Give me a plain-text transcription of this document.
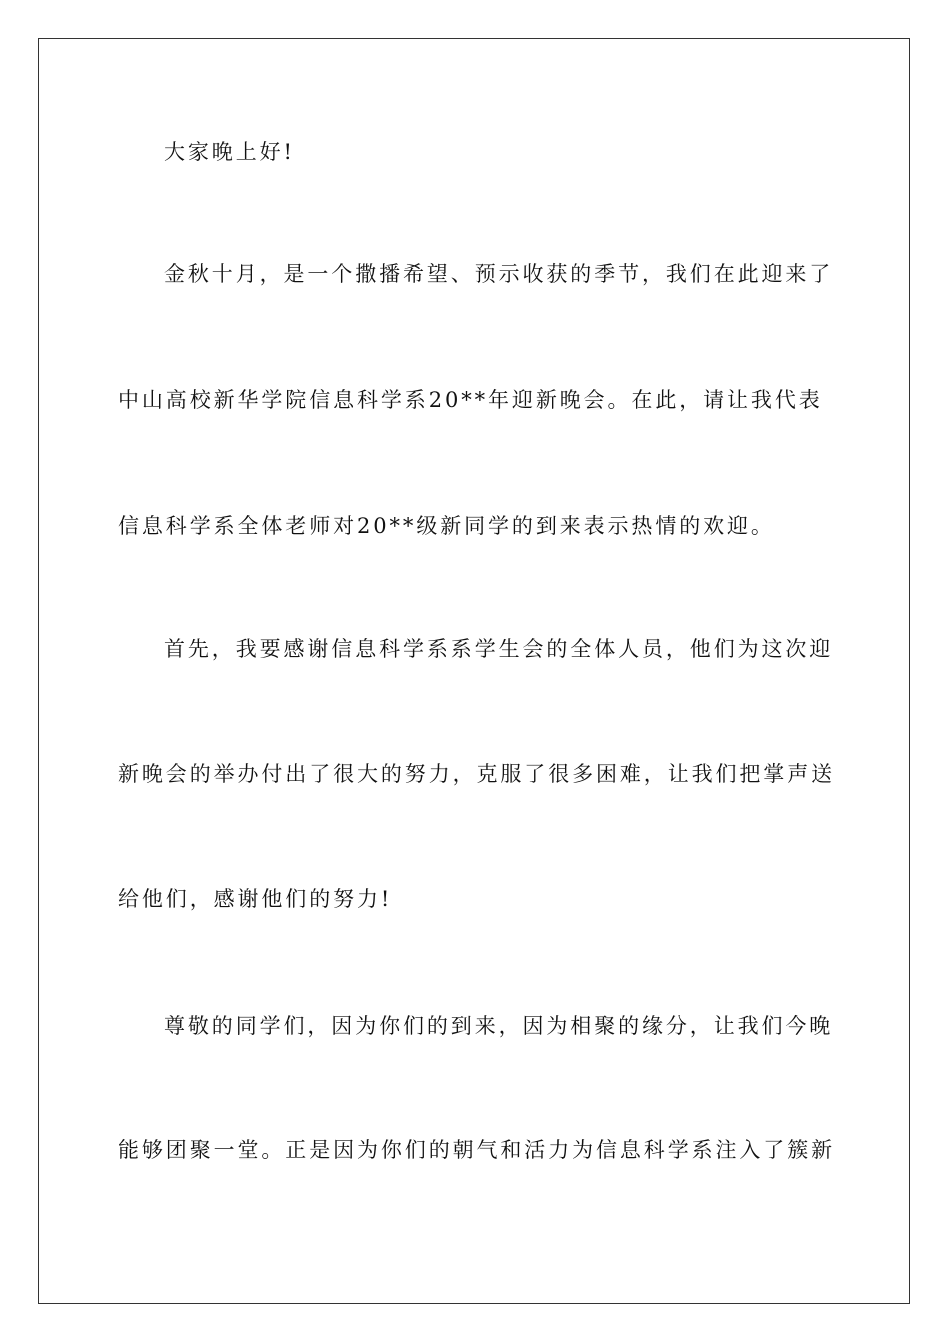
大家晚上好!
金秋十月，是一个撒播希望、预示收获的季节，我们在此迎来了
中山高校新华学院信息科学系20**年迎新晚会。在此，请让我代表
信息科学系全体老师对20**级新同学的到来表示热情的欢迎。
首先，我要感谢信息科学系系学生会的全体人员，他们为这次迎
新晚会的举办付出了很大的努力，克服了很多困难，让我们把掌声送
给他们，感谢他们的努力!
尊敬的同学们，因为你们的到来，因为相聚的缘分，让我们今晚
能够团聚一堂。正是因为你们的朝气和活力为信息科学系注入了簇新
